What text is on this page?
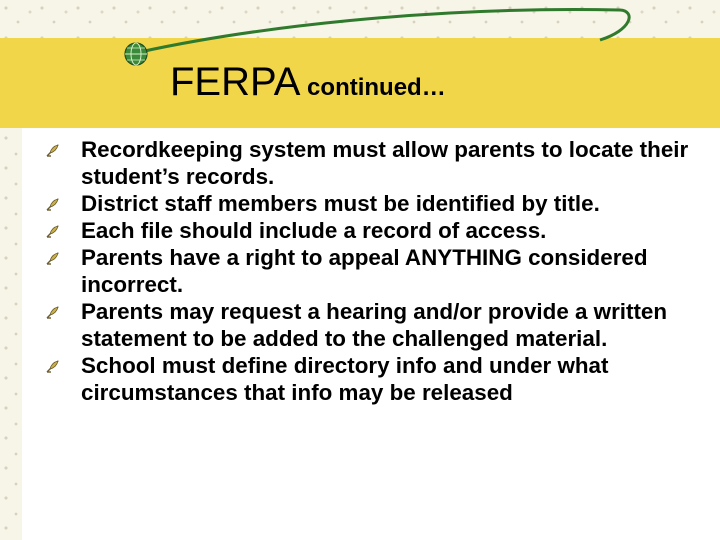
FERPA continued…
Recordkeeping system must allow parents to locate their student’s records.
District staff members must be identified by title.
Each file should include a record of access.
Parents have a right to appeal ANYTHING considered incorrect.
Parents may request a hearing and/or provide a written statement to be added to the challenged material.
School must define directory info and under what circumstances that info may be released
